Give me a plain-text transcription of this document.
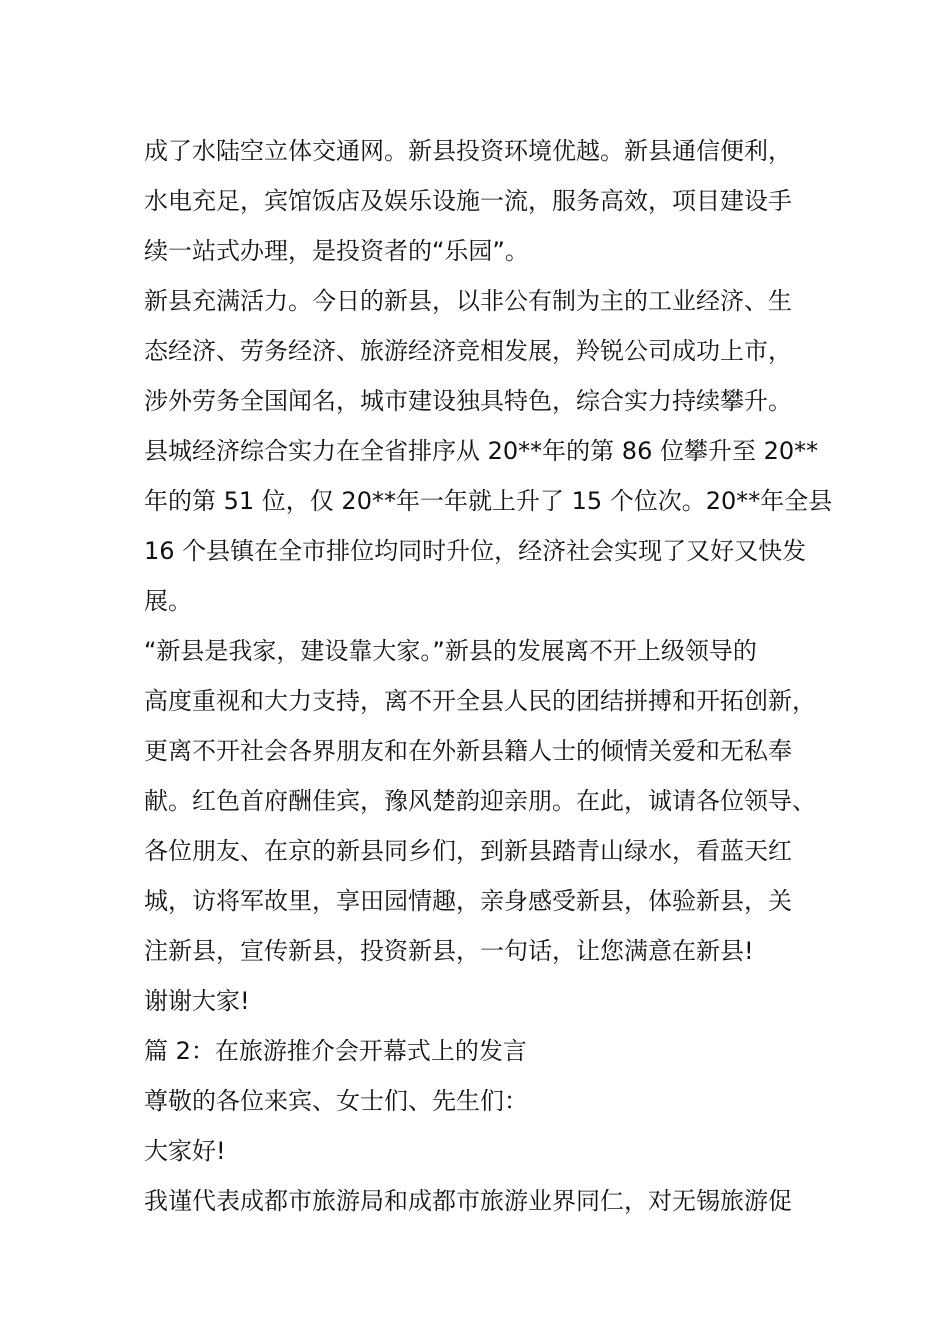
成了水陆空立体交通网。新县投资环境优越。新县通信便利，
水电充足，宾馆饭店及娱乐设施一流，服务高效，项目建设手
续一站式办理，是投资者的“乐园”。
新县充满活力。今日的新县，以非公有制为主的工业经济、生
态经济、劳务经济、旅游经济竞相发展，羚锐公司成功上市，
涉外劳务全国闻名，城市建设独具特色，综合实力持续攀升。
县城经济综合实力在全省排序从 20**年的第 86 位攀升至 20**
年的第 51 位，仅 20**年一年就上升了 15 个位次。20**年全县
16 个县镇在全市排位均同时升位，经济社会实现了又好又快发
展。
“新县是我家，建设靠大家。”新县的发展离不开上级领导的
高度重视和大力支持，离不开全县人民的团结拼搏和开拓创新，
更离不开社会各界朋友和在外新县籍人士的倾情关爱和无私奉
献。红色首府酬佳宾，豫风楚韵迎亲朋。在此，诚请各位领导、
各位朋友、在京的新县同乡们，到新县踏青山绿水，看蓝天红
城，访将军故里，享田园情趣，亲身感受新县，体验新县，关
注新县，宣传新县，投资新县，一句话，让您满意在新县!
谢谢大家!
篇 2：在旅游推介会开幕式上的发言
尊敬的各位来宾、女士们、先生们：
大家好!
我谨代表成都市旅游局和成都市旅游业界同仁，对无锡旅游促
